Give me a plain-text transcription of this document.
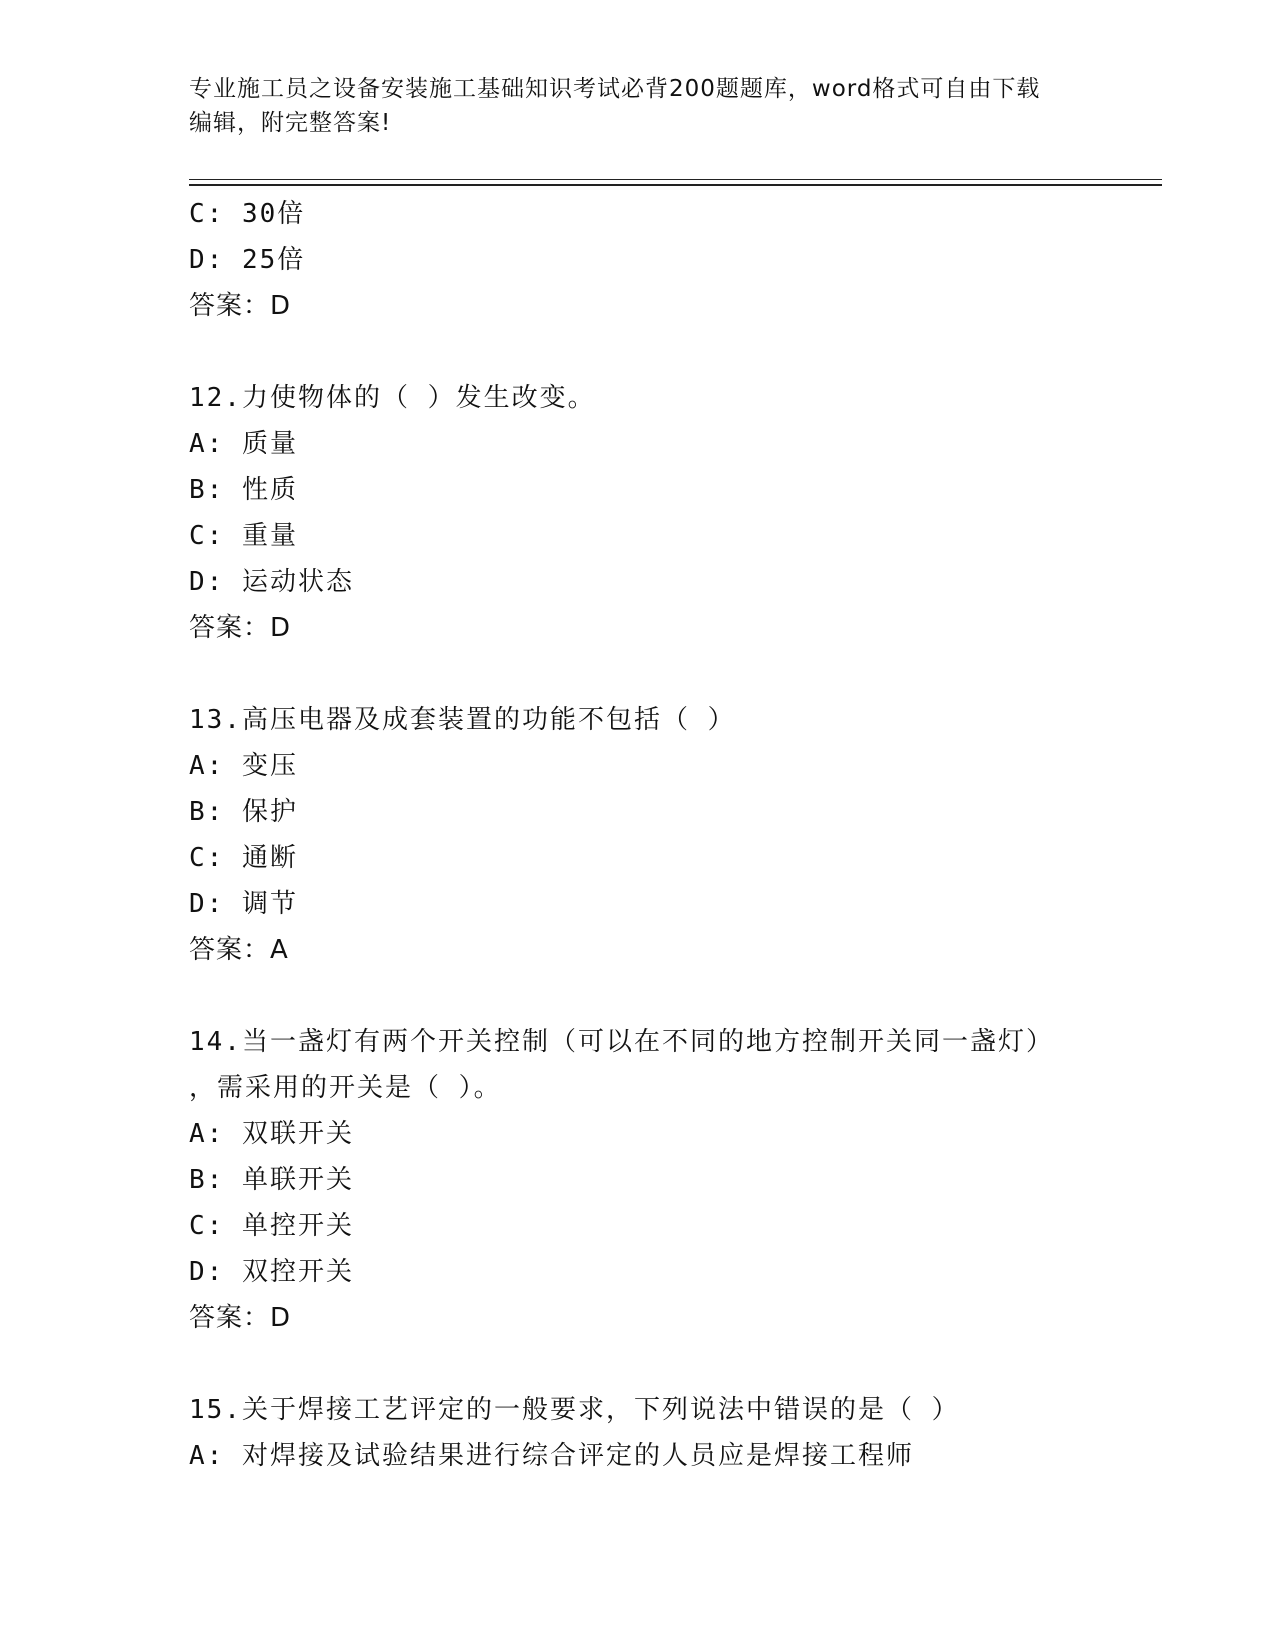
专业施工员之设备安装施工基础知识考试必背200题题库，word格式可自由下载
编辑，附完整答案!
C: 30倍
D: 25倍
答案：D
12.力使物体的（ ）发生改变。
A: 质量
B: 性质
C: 重量
D: 运动状态
答案：D
13.高压电器及成套装置的功能不包括（ ）
A: 变压
B: 保护
C: 通断
D: 调节
答案：A
14.当一盏灯有两个开关控制（可以在不同的地方控制开关同一盏灯）
，需采用的开关是（ ）。
A: 双联开关
B: 单联开关
C: 单控开关
D: 双控开关
答案：D
15.关于焊接工艺评定的一般要求，下列说法中错误的是（ ）
A: 对焊接及试验结果进行综合评定的人员应是焊接工程师
